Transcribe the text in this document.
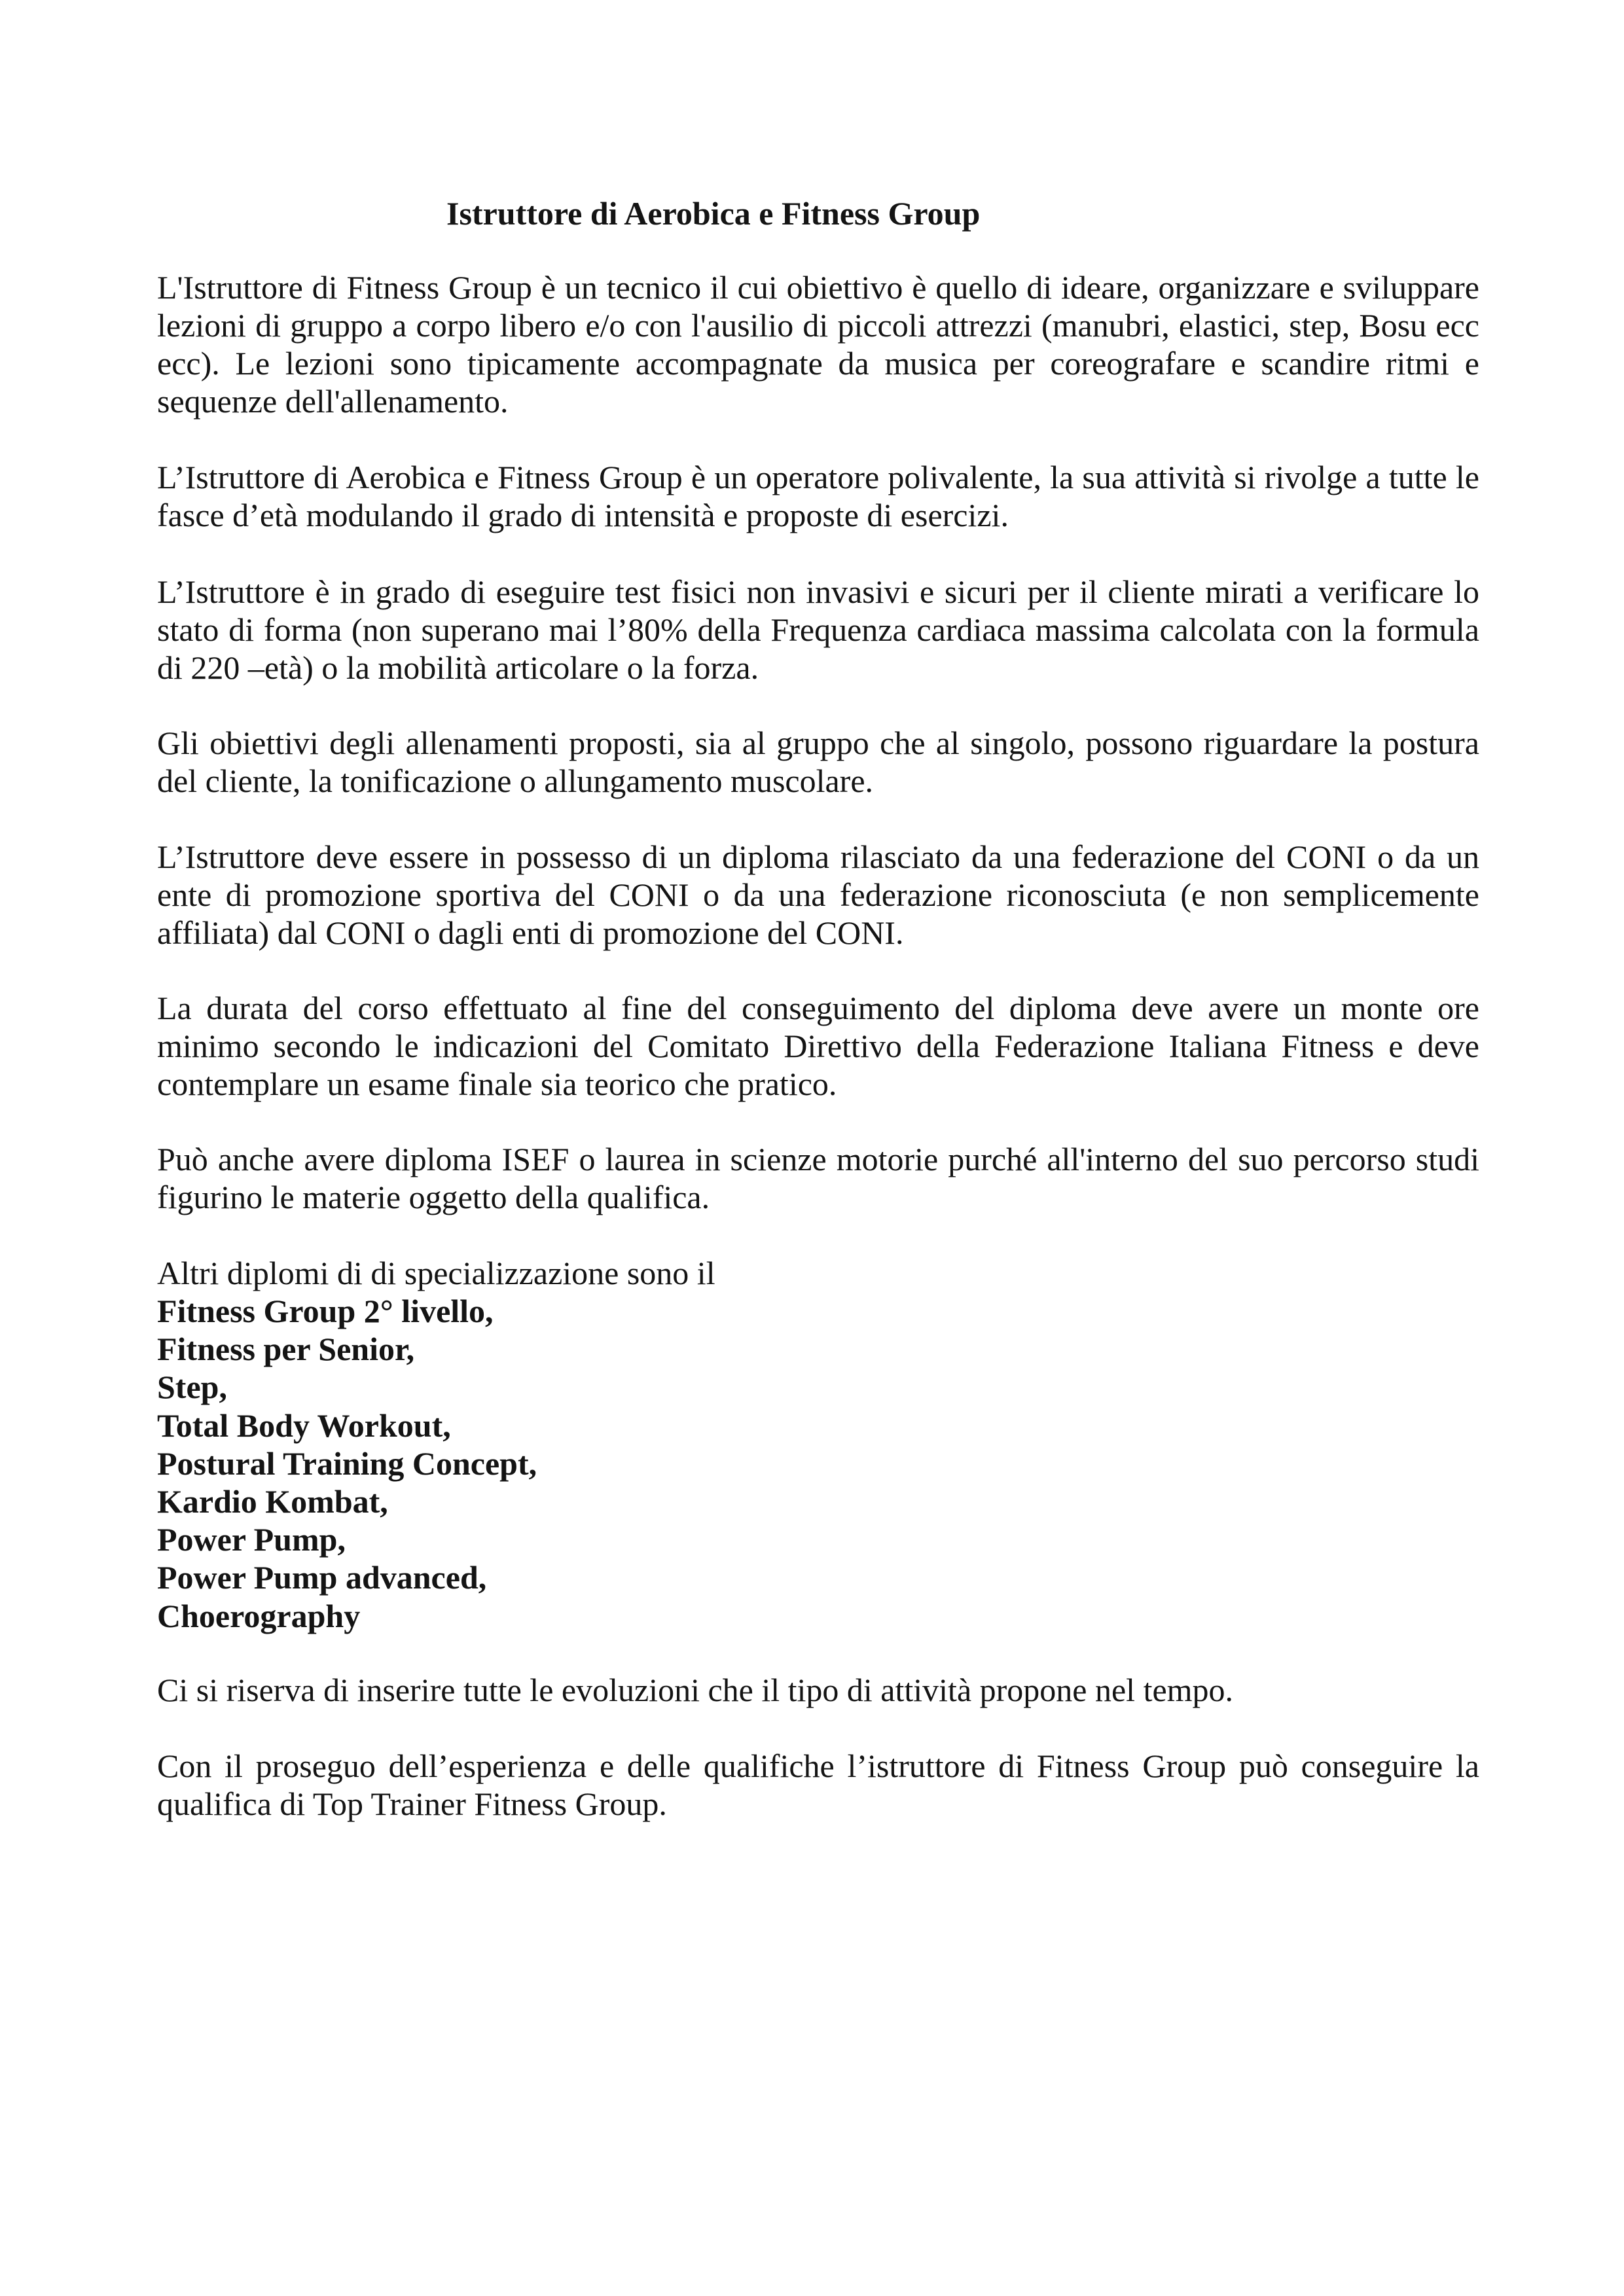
Istruttore di Aerobica e Fitness Group

L'Istruttore di Fitness Group è un tecnico il cui obiettivo è quello di ideare, organizzare e sviluppare lezioni di gruppo a corpo libero e/o con l'ausilio di piccoli attrezzi (manubri, elastici, step, Bosu ecc ecc). Le lezioni sono tipicamente accompagnate da musica per coreografare e scandire ritmi e sequenze dell'allenamento.

L’Istruttore di Aerobica e Fitness Group è un operatore polivalente, la sua attività si rivolge a tutte le fasce d’età modulando il grado di intensità e proposte di esercizi.

L’Istruttore è in grado di eseguire test fisici non invasivi e sicuri per il cliente mirati a verificare lo stato di forma (non superano mai l’80% della Frequenza cardiaca massima calcolata con la formula di 220 –età) o la mobilità articolare o la forza.

Gli obiettivi degli allenamenti proposti, sia al gruppo che al singolo, possono riguardare la postura del cliente, la tonificazione o allungamento muscolare.

L’Istruttore deve essere in possesso di un diploma rilasciato da una federazione del CONI o da un ente di promozione sportiva del CONI o da una federazione riconosciuta (e non semplicemente affiliata) dal CONI o dagli enti di promozione del CONI.

La durata del corso effettuato al fine del conseguimento del diploma deve avere un monte ore minimo secondo le indicazioni del Comitato Direttivo della Federazione Italiana Fitness e deve contemplare un esame finale sia teorico che pratico.

Può anche avere diploma ISEF o laurea in scienze motorie purché all'interno del suo percorso studi figurino le materie oggetto della qualifica.

Altri diplomi di di specializzazione sono il

Fitness Group 2° livello,
Fitness per Senior,
Step,
Total Body Workout,
Postural Training Concept,
Kardio Kombat,
Power Pump,
Power Pump advanced,
Choerography

Ci si riserva di inserire tutte le evoluzioni che il tipo di attività propone nel tempo.

Con il proseguo dell’esperienza e delle qualifiche l’istruttore di Fitness Group può conseguire la qualifica di Top Trainer Fitness Group.
